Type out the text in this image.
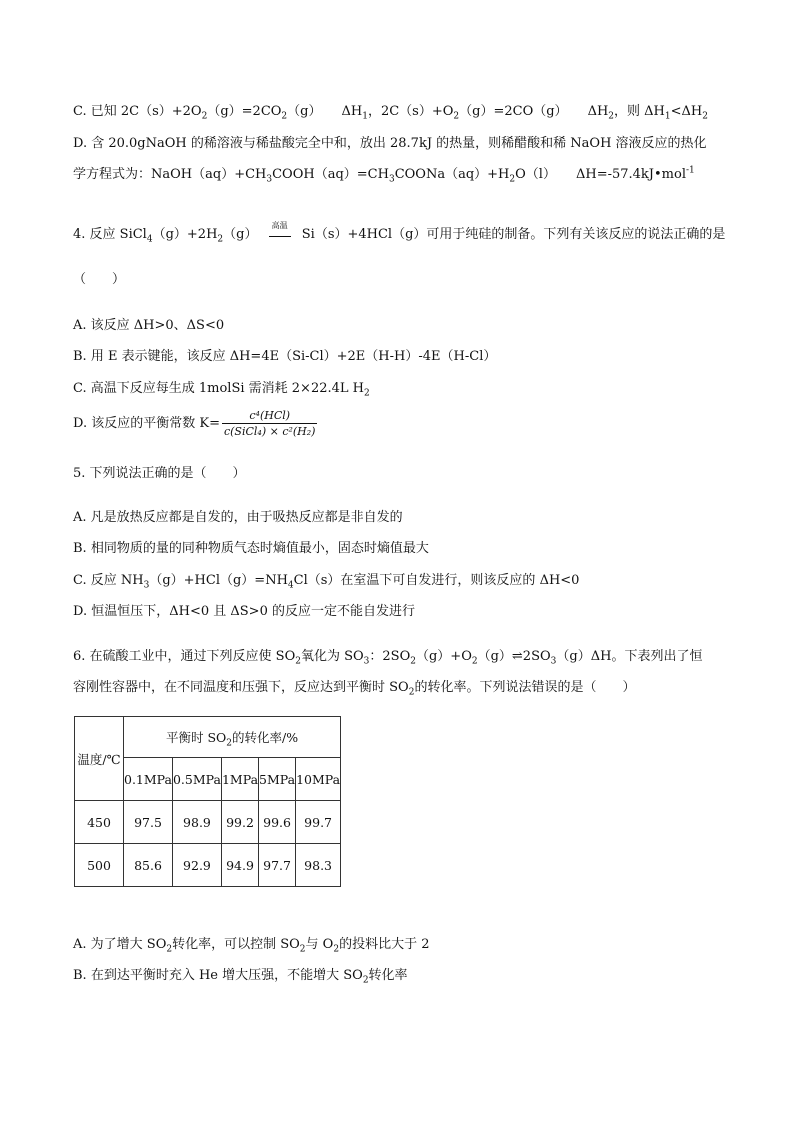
C. 已知 $2C(s)+2O_2(g)=2CO_2(g)$ $\Delta H_1$，$2C(s)+O_2(g)=2CO(g)$ $\Delta H_2$，则 $\Delta H_1<\Delta H_2$
D. 含 20.0gNaOH 的稀溶液与稀盐酸完全中和，放出 28.7kJ 的热量，则稀醋酸和稀 NaOH 溶液反应的热化
学方程式为：$NaOH(aq)+CH_3COOH(aq)=CH_3COONa(aq)+H_2O(l)$ ΔH=-57.4kJ•mol$^{-1}$
4. 反应 $SiCl_4(g)+2H_2(g)$
高温
Si（s）+4HCl（g）可用于纯硅的制备。下列有关该反应的说法正确的是
（　　）
A. 该反应 ΔH>0、ΔS<0
B. 用 E 表示键能，该反应 ΔH=4E（Si-Cl）+2E（H-H）-4E（H-Cl）
C. 高温下反应每生成 1molSi 需消耗 2×22.4L $H_2$
D. 该反应的平衡常数 $K= \frac{\text{c⁴(HCl)}}{\text{c(SiCl₄) × c²(H₂)}}$
5. 下列说法正确的是（　　）
A. 凡是放热反应都是自发的，由于吸热反应都是非自发的
B. 相同物质的量的同种物质气态时熵值最小，固态时熵值最大
C. 反应 $NH_3(g)+HCl(g)=NH_4Cl(s)$在室温下可自发进行，则该反应的 ΔH<0
D. 恒温恒压下，ΔH<0 且 ΔS>0 的反应一定不能自发进行
6. 在硫酸工业中，通过下列反应使 $SO_2$氧化为 $SO_3$：$2SO_2(g)+O_2(g)\rightleftharpoons 2SO_3(g)\Delta H$。下表列出了恒
容刚性容器中，在不同温度和压强下，反应达到平衡时 $SO_2$的转化率。下列说法错误的是（　　）
温度/℃	平衡时 $SO_2$的转化率/%				
	0.1MPa	0.5MPa	1MPa	5MPa	10MPa
450	97.5	98.9	99.2	99.6	99.7
500	85.6	92.9	94.9	97.7	98.3
A. 为了增大 $SO_2$转化率，可以控制 $SO_2$与 $O_2$的投料比大于 2
B. 在到达平衡时充入 He 增大压强，不能增大 $SO_2$转化率
